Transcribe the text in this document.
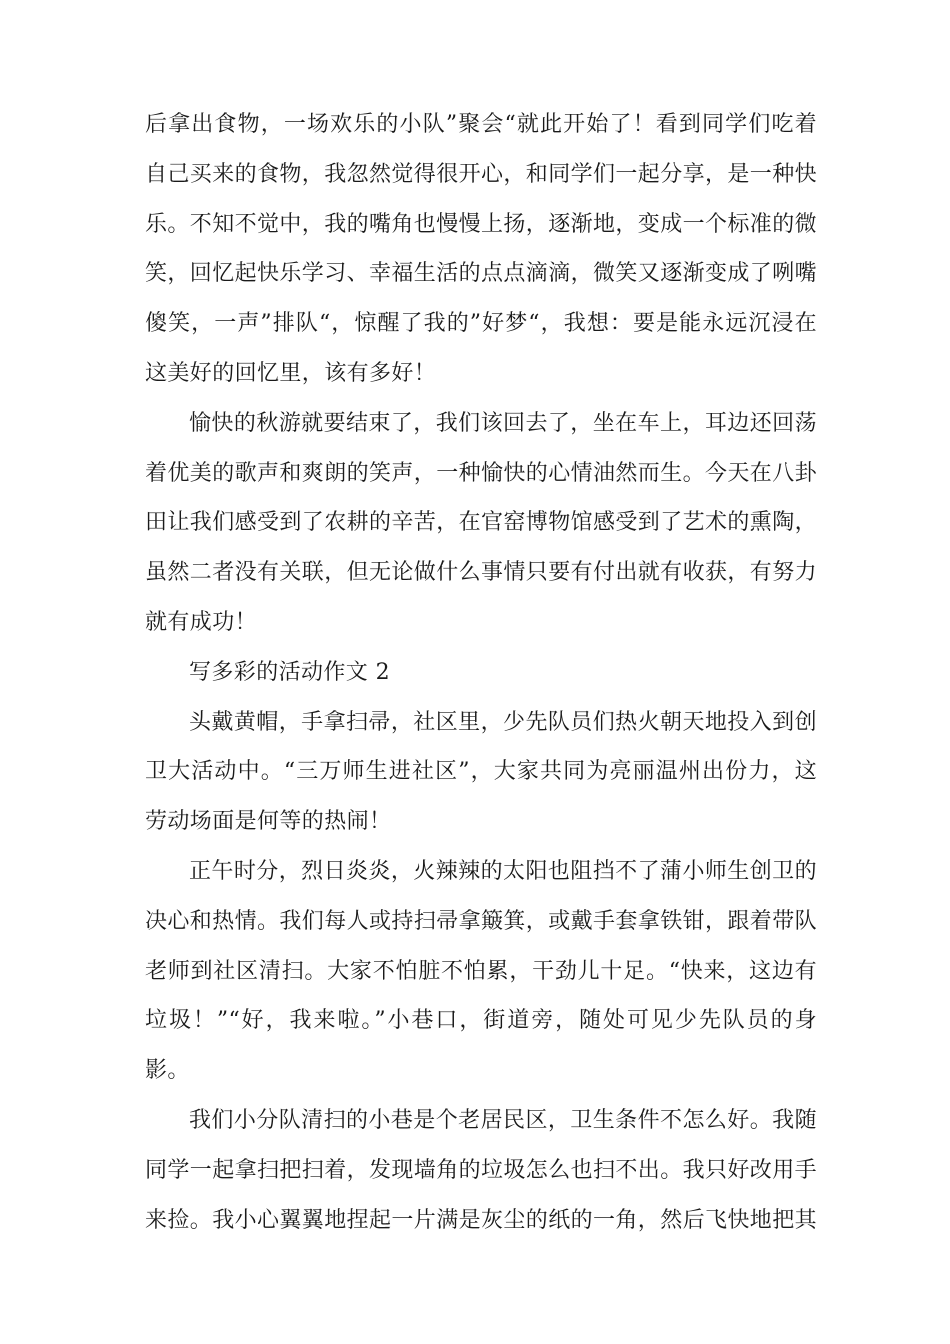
后拿出食物，一场欢乐的小队”聚会“就此开始了！看到同学们吃着自己买来的食物，我忽然觉得很开心，和同学们一起分享，是一种快乐。不知不觉中，我的嘴角也慢慢上扬，逐渐地，变成一个标准的微笑，回忆起快乐学习、幸福生活的点点滴滴，微笑又逐渐变成了咧嘴傻笑，一声”排队“，惊醒了我的”好梦“，我想：要是能永远沉浸在这美好的回忆里，该有多好！

愉快的秋游就要结束了，我们该回去了，坐在车上，耳边还回荡着优美的歌声和爽朗的笑声，一种愉快的心情油然而生。今天在八卦田让我们感受到了农耕的辛苦，在官窑博物馆感受到了艺术的熏陶，虽然二者没有关联，但无论做什么事情只要有付出就有收获，有努力就有成功！

写多彩的活动作文 2

头戴黄帽，手拿扫帚，社区里，少先队员们热火朝天地投入到创卫大活动中。“三万师生进社区”，大家共同为亮丽温州出份力，这劳动场面是何等的热闹！

正午时分，烈日炎炎，火辣辣的太阳也阻挡不了蒲小师生创卫的决心和热情。我们每人或持扫帚拿簸箕，或戴手套拿铁钳，跟着带队老师到社区清扫。大家不怕脏不怕累，干劲儿十足。“快来，这边有垃圾！”“好，我来啦。”小巷口，街道旁，随处可见少先队员的身影。

我们小分队清扫的小巷是个老居民区，卫生条件不怎么好。我随同学一起拿扫把扫着，发现墙角的垃圾怎么也扫不出。我只好改用手来捡。我小心翼翼地捏起一片满是灰尘的纸的一角，然后飞快地把其
